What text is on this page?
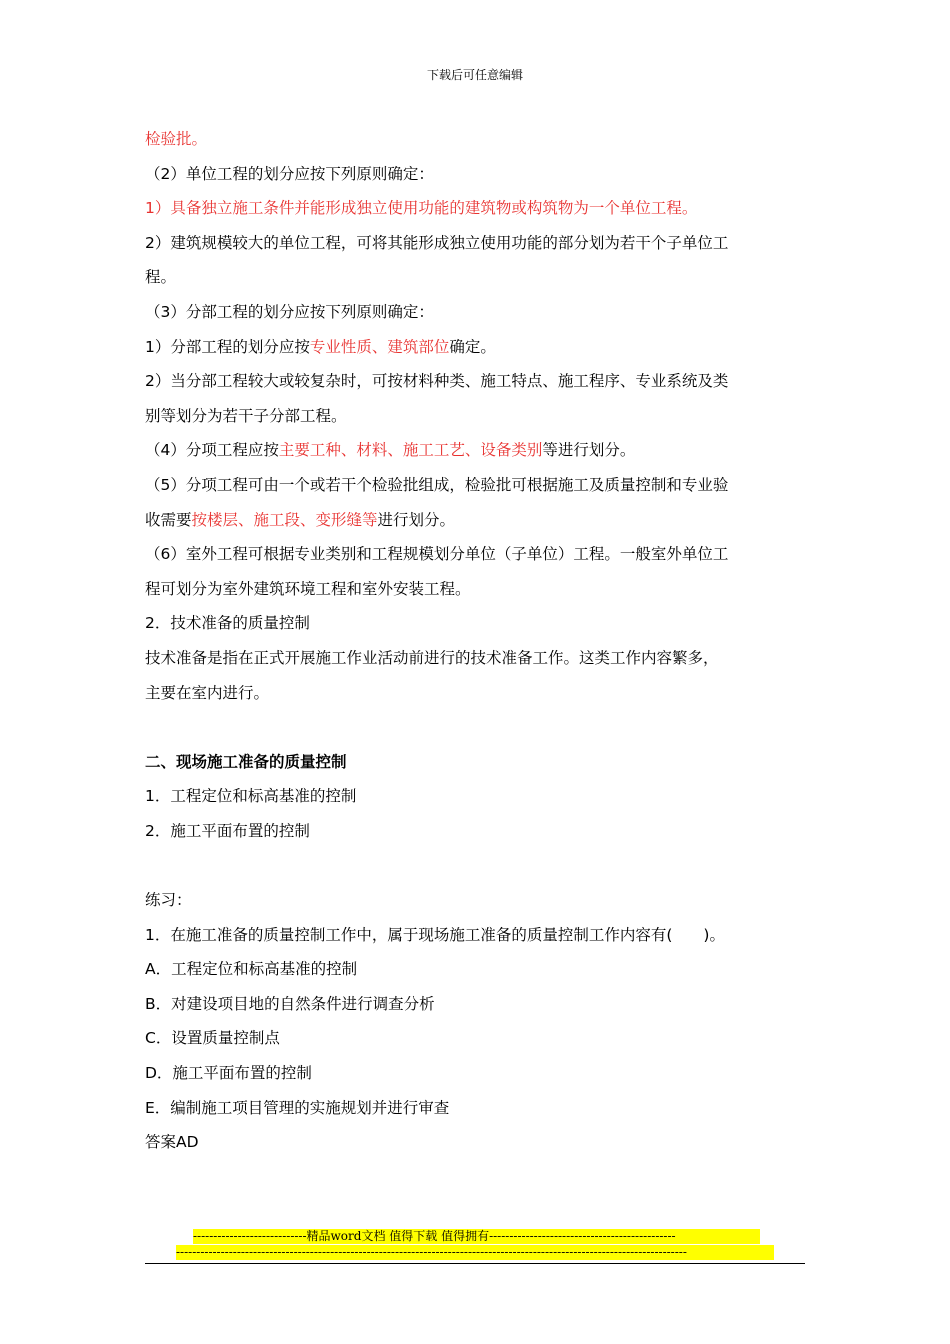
下载后可任意编辑
检验批。
（2）单位工程的划分应按下列原则确定：
1）具备独立施工条件并能形成独立使用功能的建筑物或构筑物为一个单位工程。
2）建筑规模较大的单位工程，可将其能形成独立使用功能的部分划为若干个子单位工
程。
（3）分部工程的划分应按下列原则确定：
1）分部工程的划分应按专业性质、建筑部位确定。
2）当分部工程较大或较复杂时，可按材料种类、施工特点、施工程序、专业系统及类
别等划分为若干子分部工程。
（4）分项工程应按主要工种、材料、施工工艺、设备类别等进行划分。
（5）分项工程可由一个或若干个检验批组成，检验批可根据施工及质量控制和专业验
收需要按楼层、施工段、变形缝等进行划分。
（6）室外工程可根据专业类别和工程规模划分单位（子单位）工程。一般室外单位工
程可划分为室外建筑环境工程和室外安装工程。
2．技术准备的质量控制
技术准备是指在正式开展施工作业活动前进行的技术准备工作。这类工作内容繁多，
主要在室内进行。
二、现场施工准备的质量控制
1．工程定位和标高基准的控制
2．施工平面布置的控制
练习：
1．在施工准备的质量控制工作中，属于现场施工准备的质量控制工作内容有(　　)。
A．工程定位和标高基准的控制
B．对建设项目地的自然条件进行调查分析
C．设置质量控制点
D．施工平面布置的控制
E．编制施工项目管理的实施规划并进行审查
答案AD
----------------------------精品word文档 值得下载 值得拥有----------------------------------------------
------------------------------------------------------------------------------------------------------------------------------
